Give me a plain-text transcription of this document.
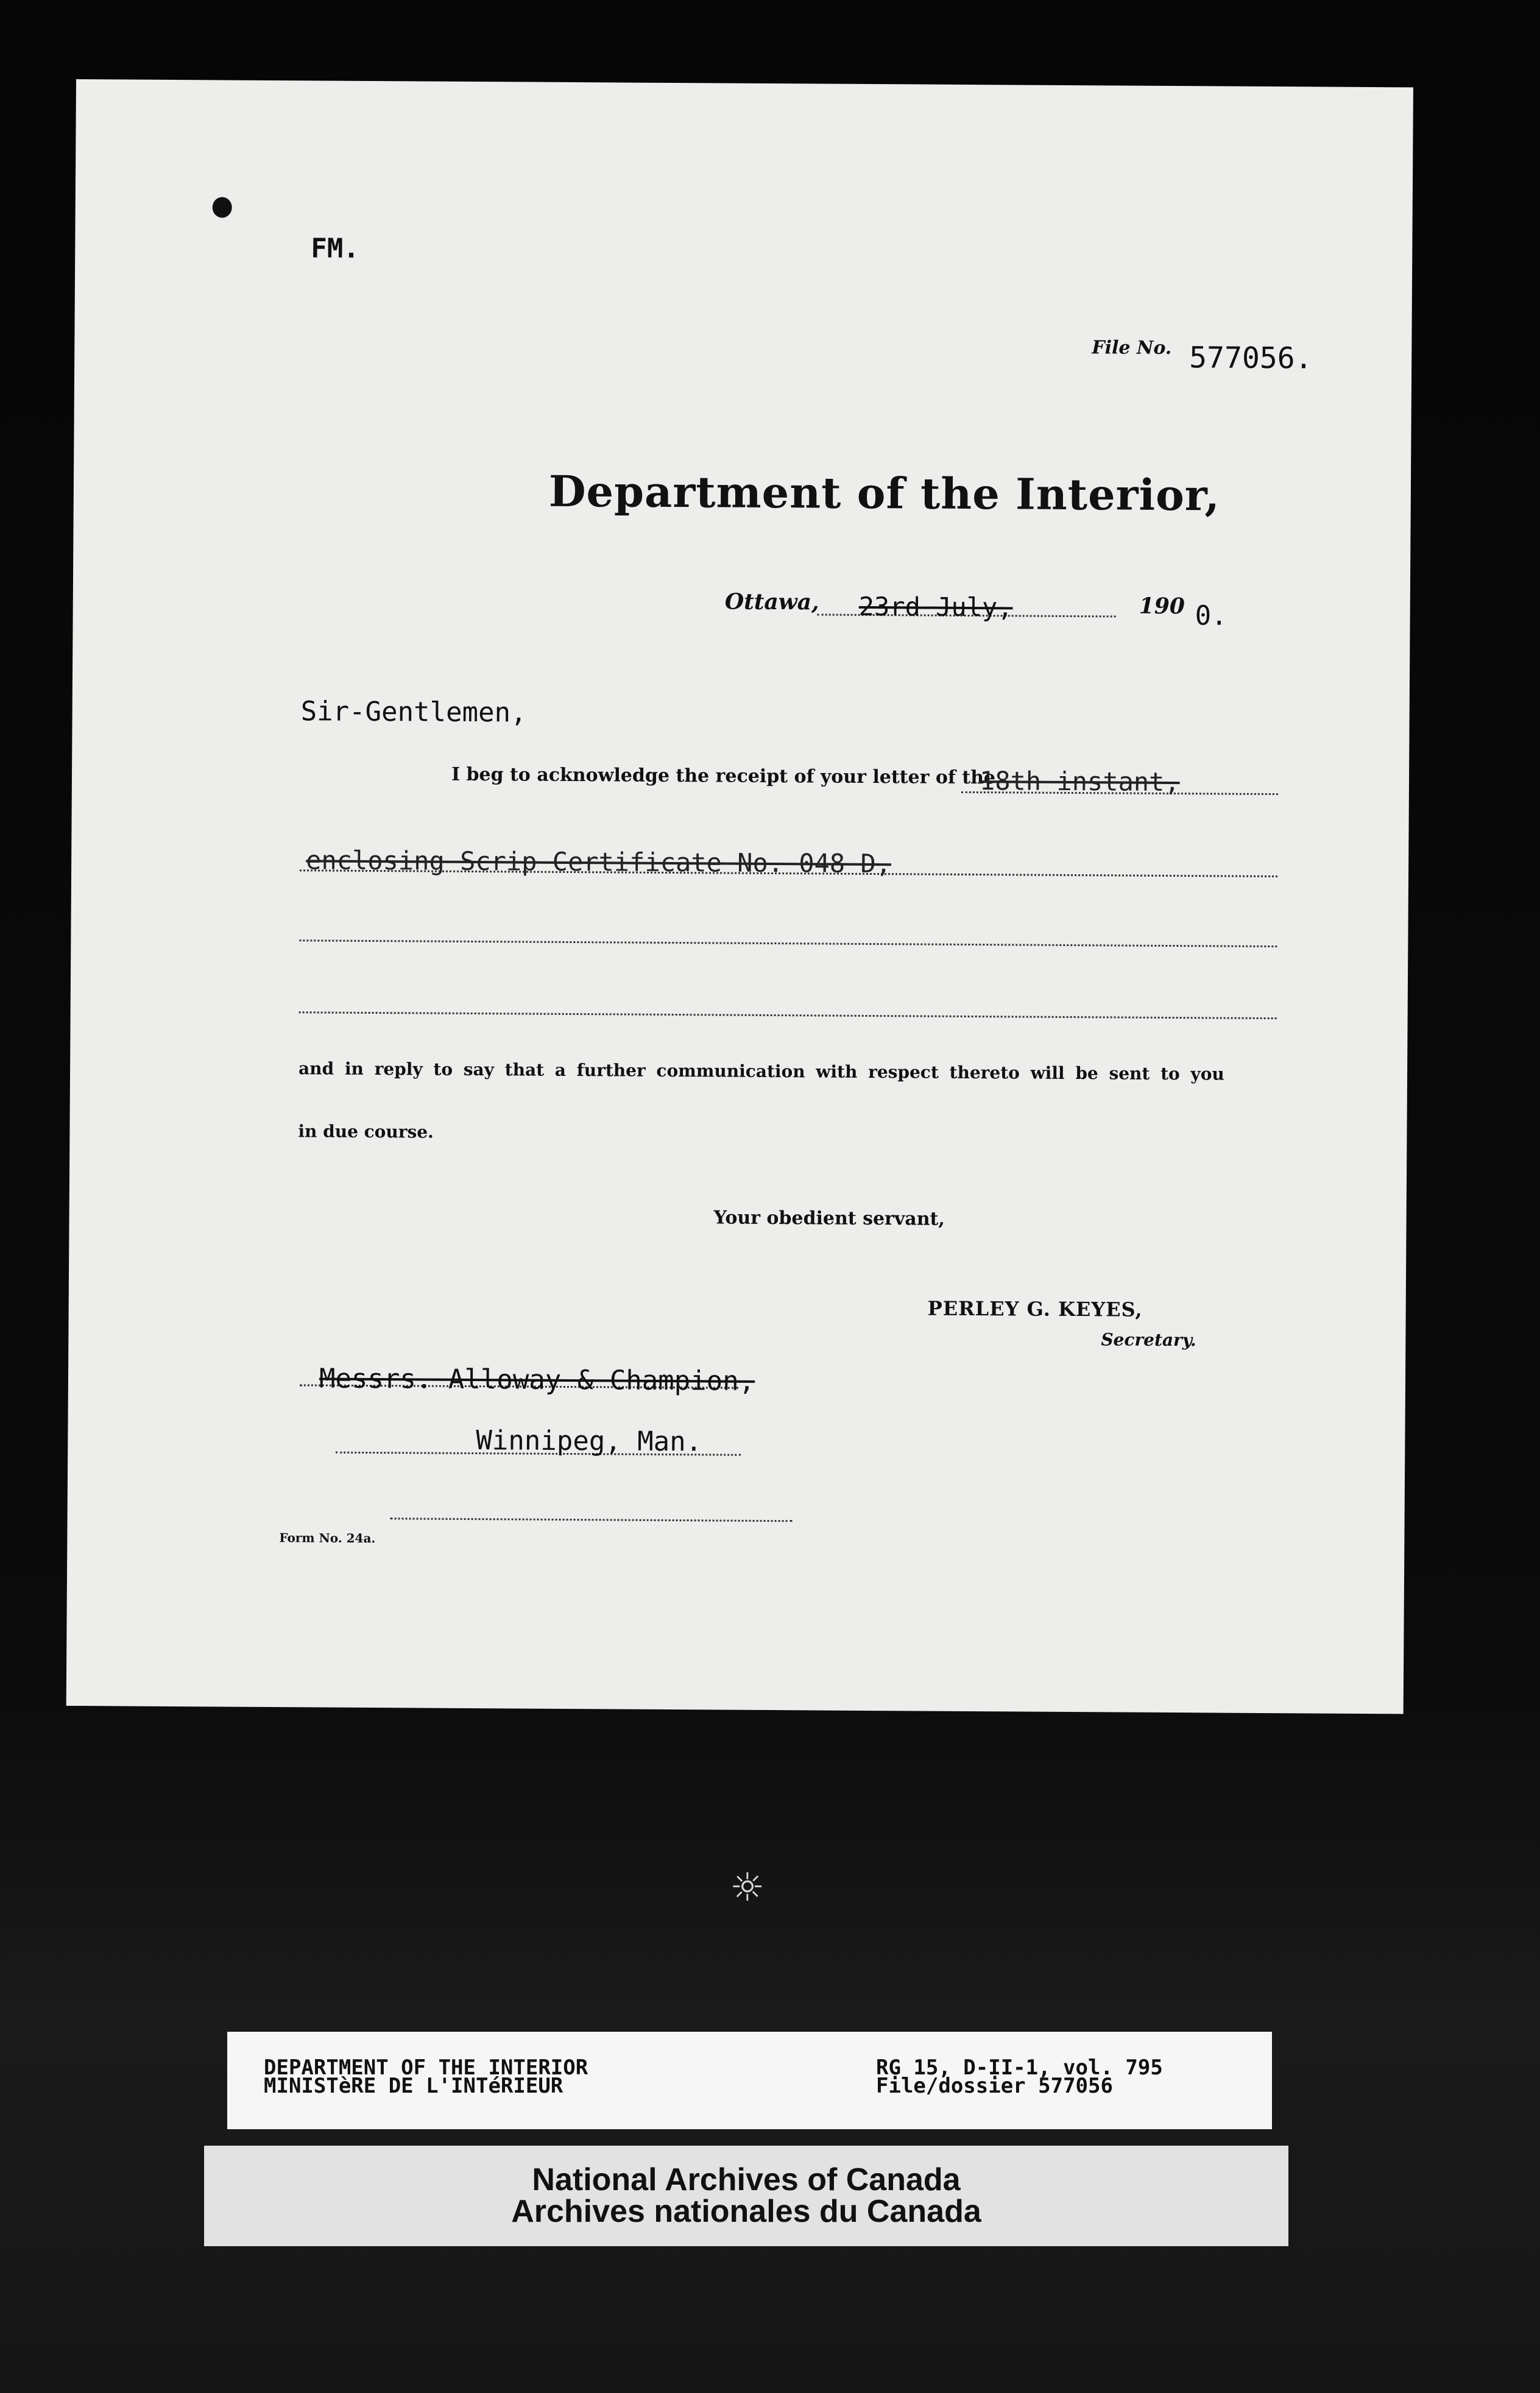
FM.
File No. 577056.
Department of the Interior,
Ottawa, 23rd July,	190 0.
Sir-Gentlemen,
I beg to acknowledge the receipt of your letter of the
18th instant,
enclosing Scrip Certificate No. 048 D,
and in reply to say that a further communication with respect thereto will be sent to you
in due course.
Your obedient servant,
PERLEY G. KEYES,
Secretary.
Messrs. Alloway & Champion,
Winnipeg, Man.
Form No. 24a.
☼
DEPARTMENT OF THE INTERIOR
MINISTèRE DE L'INTéRIEUR
RG 15, D-II-1, vol. 795
File/dossier 577056
National Archives of Canada
Archives nationales du Canada
